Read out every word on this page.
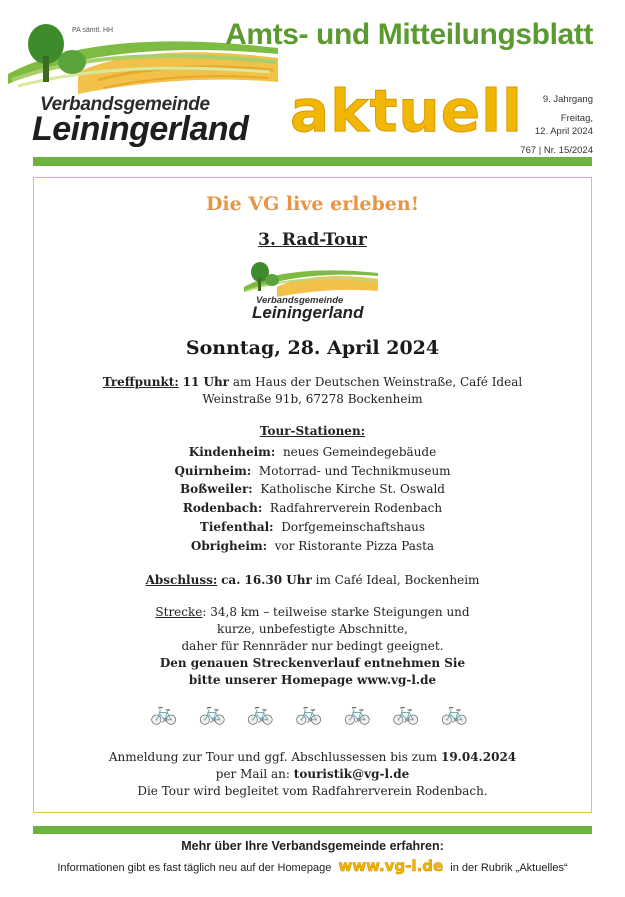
PA sämtl. HH
Verbandsgemeinde
Leiningerland
Amts- und Mitteilungsblatt
aktuell	9. Jahrgang
Freitag,
12. April 2024
767 | Nr. 15/2024
Die VG live erleben!
3. Rad-Tour
Verbandsgemeinde
Leiningerland
Sonntag, 28. April 2024
Treffpunkt: 11 Uhr am Haus der Deutschen Weinstraße, Café Ideal
Weinstraße 91b, 67278 Bockenheim
Tour-Stationen:
Kindenheim: neues Gemeindegebäude
Quirnheim: Motorrad- und Technikmuseum
Boßweiler: Katholische Kirche St. Oswald
Rodenbach: Radfahrerverein Rodenbach
Tiefenthal: Dorfgemeinschaftshaus
Obrigheim: vor Ristorante Pizza Pasta
Abschluss: ca. 16.30 Uhr im Café Ideal, Bockenheim
Strecke: 34,8 km – teilweise starke Steigungen und
kurze, unbefestigte Abschnitte,
daher für Rennräder nur bedingt geeignet.
Den genauen Streckenverlauf entnehmen Sie
bitte unserer Homepage www.vg-l.de
🚲 🚲 🚲 🚲 🚲 🚲 🚲
Anmeldung zur Tour und ggf. Abschlussessen bis zum 19.04.2024
per Mail an: touristik@vg-l.de
Die Tour wird begleitet vom Radfahrerverein Rodenbach.
Mehr über Ihre Verbandsgemeinde erfahren:
Informationen gibt es fast täglich neu auf der Homepage www.vg-l.de in der Rubrik „Aktuelles“
